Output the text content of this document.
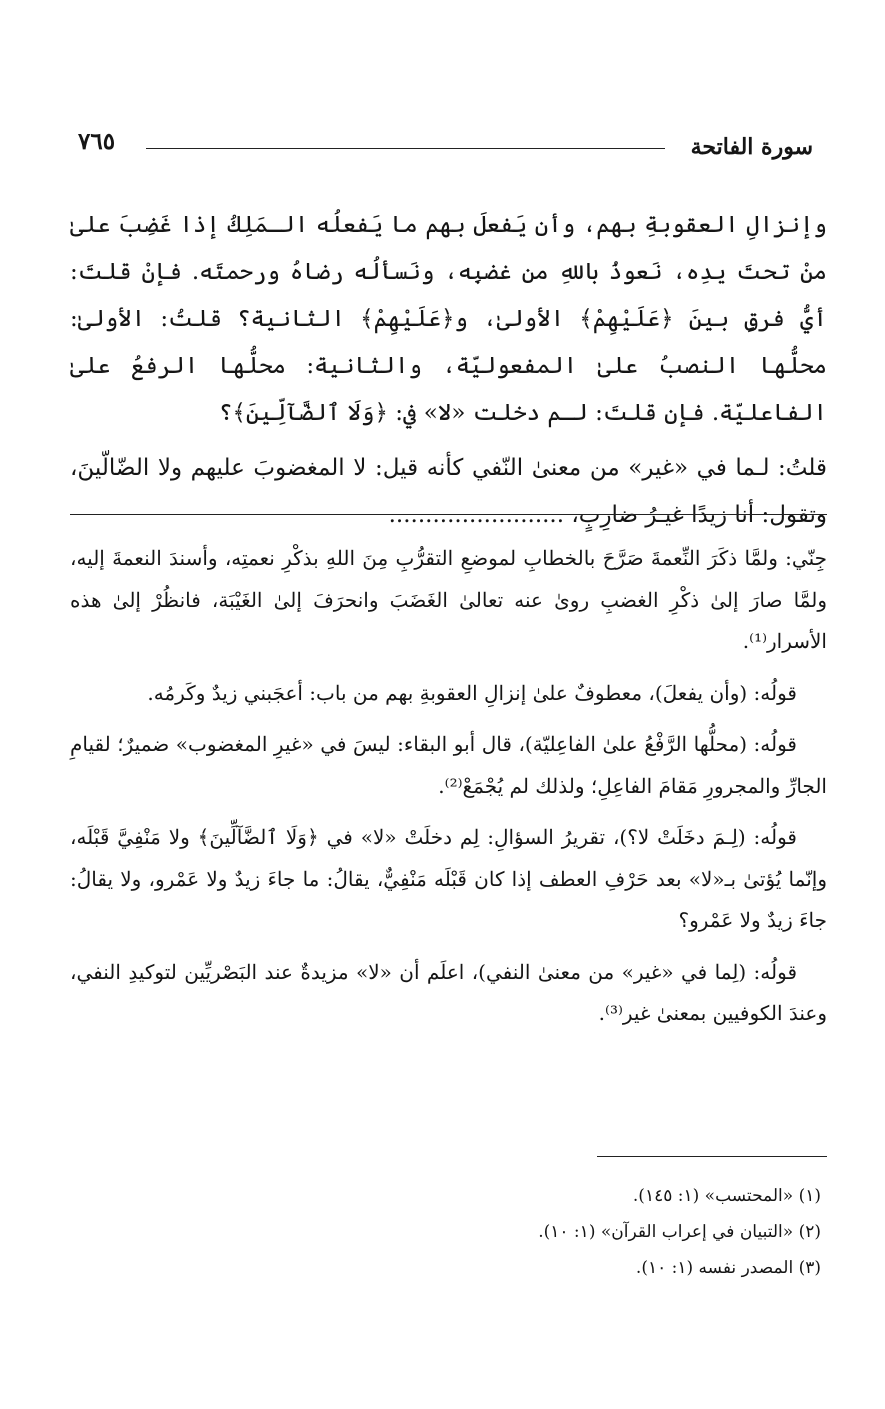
٧٦٥	سورة الفاتحة

وإنزالِ العقوبةِ بهم، وأن يَفعلَ بهم ما يَفعلُه الـمَلِكُ إذا غَضِبَ علىٰ منْ تحتَ يدِه، نَعوذُ باللهِ من غضبِه، ونَسألُه رضاهُ ورحمتَه. فإنْ قلتَ: أيُّ فرقٍ بينَ ﴿عَلَيْهِمْ﴾ الأولىٰ، و﴿عَلَيْهِمْ﴾ الثانية؟ قلتُ: الأولىٰ: محلُّها النصبُ علىٰ المفعوليّة، والثانية: محلُّها الرفعُ علىٰ الفاعليّة. فإن قلتَ: لـم دخلت «لا» في: ﴿وَلَا ٱلضَّآلِّينَ﴾؟

قلتُ: لـما في «غير» من معنىٰ النّفي كأنه قيل: لا المغضوبَ عليهم ولا الضّالّينَ، وتقول: أنا زيدًا غيـرُ ضارِبٍ، ........................

جِنّي: ولمَّا ذكَرَ النِّعمةَ صَرَّحَ بالخطابِ لموضعِ التقرُّبِ مِنَ اللهِ بذكْرِ نعمتِه، وأسندَ النعمةَ إليه، ولمَّا صارَ إلىٰ ذكْرِ الغضبِ روىٰ عنه تعالىٰ الغَضَبَ وانحرَفَ إلىٰ الغَيْبَة، فانظُرْ إلىٰ هذه الأسرار⁽¹⁾.

قولُه: (وأن يفعلَ)، معطوفٌ علىٰ إنزالِ العقوبةِ بهم من باب: أعجَبني زيدٌ وكَرمُه.

قولُه: (محلُّها الرَّفْعُ علىٰ الفاعِليّة)، قال أبو البقاء: ليسَ في «غيرِ المغضوب» ضميرٌ؛ لقيامِ الجارِّ والمجرورِ مَقامَ الفاعِلِ؛ ولذلك لم يُجْمَعْ⁽²⁾.

قولُه: (لِـمَ دخَلَتْ لا؟)، تقريرُ السؤالِ: لِم دخلَتْ «لا» في ﴿وَلَا ٱلضَّآلِّينَ﴾ ولا مَنْفِيَّ قَبْلَه، وإنّما يُؤتىٰ بـ«لا» بعد حَرْفِ العطف إذا كان قَبْلَه مَنْفِيٌّ، يقالُ: ما جاءَ زيدٌ ولا عَمْرو، ولا يقالُ: جاءَ زيدٌ ولا عَمْرو؟

قولُه: (لِما في «غير» من معنىٰ النفي)، اعلَم أن «لا» مزيدةٌ عند البَصْريِّين لتوكيدِ النفي، وعندَ الكوفيين بمعنىٰ غير⁽³⁾.

(١) «المحتسب» (١: ١٤٥).
(٢) «التبيان في إعراب القرآن» (١: ١٠).
(٣) المصدر نفسه (١: ١٠).
